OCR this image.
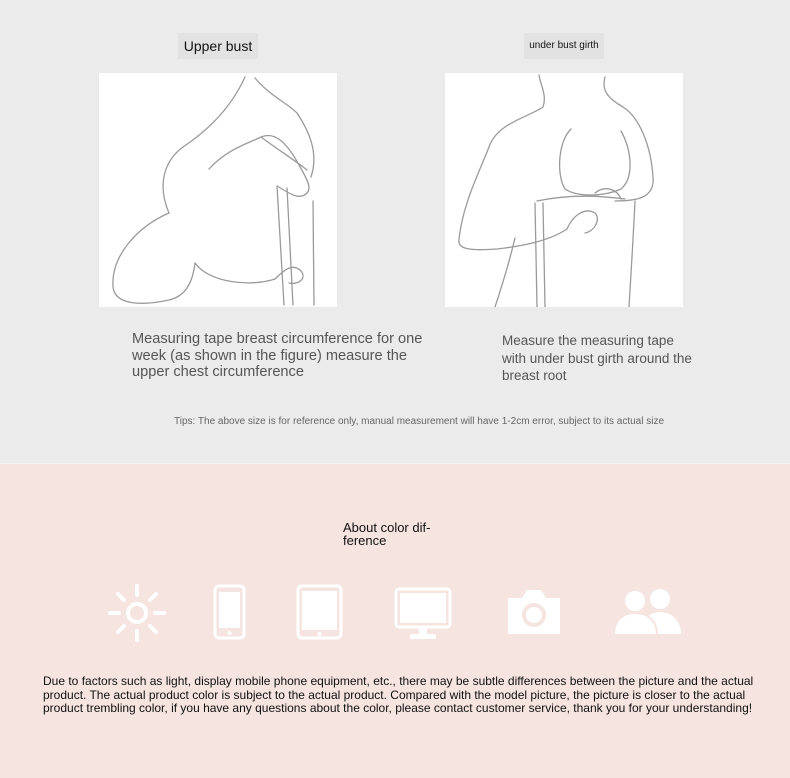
Upper bust	under bust girth
Measuring tape breast circumference for one week (as shown in the figure) measure the upper chest circumference
Measure the measuring tape with under bust girth around the breast root
Tips: The above size is for reference only, manual measurement will have 1-2cm error, subject to its actual size
About color dif-ference
Due to factors such as light, display mobile phone equipment, etc., there may be subtle differences between the picture and the actual product. The actual product color is subject to the actual product. Compared with the model picture, the picture is closer to the actual product trembling color, if you have any questions about the color, please contact customer service, thank you for your understanding!
